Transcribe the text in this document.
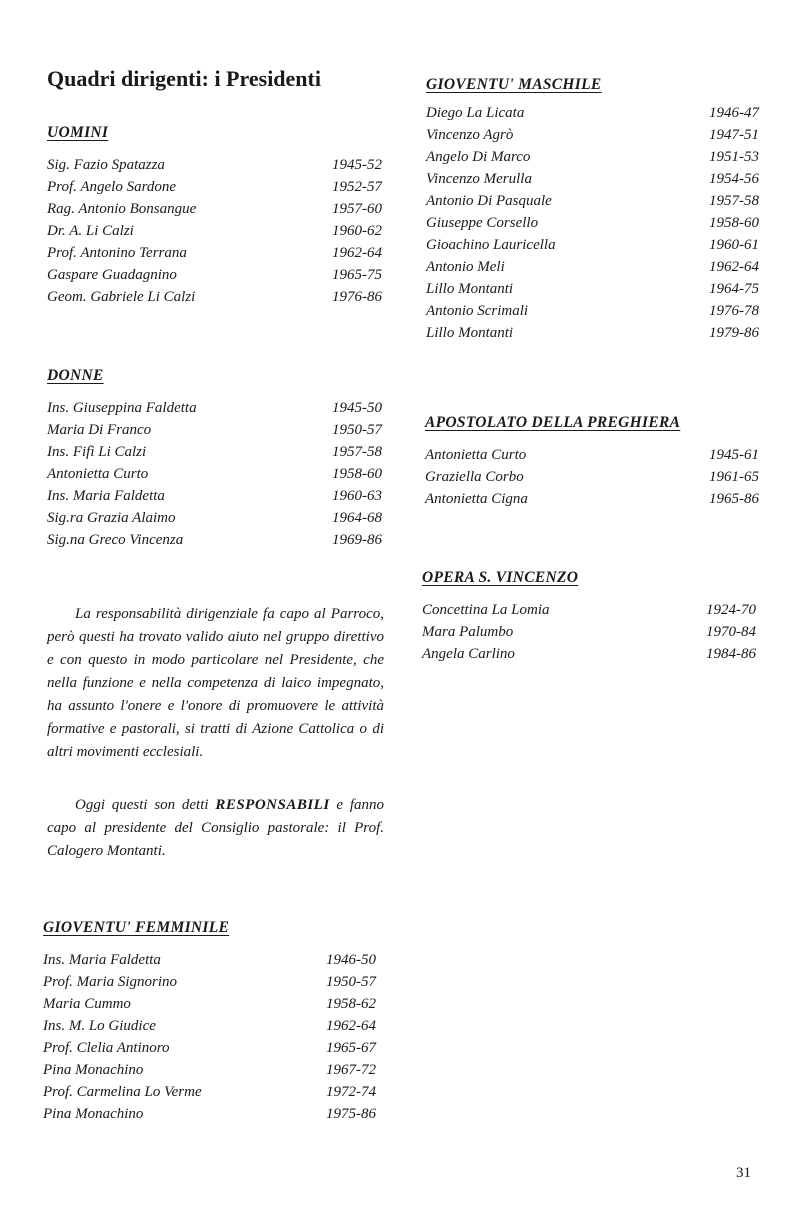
Quadri dirigenti: i Presidenti
UOMINI
Sig. Fazio Spatazza	1945-52
Prof. Angelo Sardone	1952-57
Rag. Antonio Bonsangue	1957-60
Dr. A. Li Calzi	1960-62
Prof. Antonino Terrana	1962-64
Gaspare Guadagnino	1965-75
Geom. Gabriele Li Calzi	1976-86
DONNE
Ins. Giuseppina Faldetta	1945-50
Maria Di Franco	1950-57
Ins. Fifì Li Calzi	1957-58
Antonietta Curto	1958-60
Ins. Maria Faldetta	1960-63
Sig.ra Grazia Alaimo	1964-68
Sig.na Greco Vincenza	1969-86

La responsabilità dirigenziale fa capo al Parroco, però questi ha trovato valido aiuto nel gruppo direttivo e con questo in modo particolare nel Presidente, che nella funzione e nella competenza di laico impegnato, ha assunto l'onere e l'onore di promuovere le attività formative e pastorali, si tratti di Azione Cattolica o di altri movimenti ecclesiali.

Oggi questi son detti RESPONSABILI e fanno capo al presidente del Consiglio pastorale: il Prof. Calogero Montanti.

GIOVENTU' FEMMINILE
Ins. Maria Faldetta	1946-50
Prof. Maria Signorino	1950-57
Maria Cummo	1958-62
Ins. M. Lo Giudice	1962-64
Prof. Clelia Antinoro	1965-67
Pina Monachino	1967-72
Prof. Carmelina Lo Verme	1972-74
Pina Monachino	1975-86
GIOVENTU' MASCHILE
Diego La Licata	1946-47
Vincenzo Agrò	1947-51
Angelo Di Marco	1951-53
Vincenzo Merulla	1954-56
Antonio Di Pasquale	1957-58
Giuseppe Corsello	1958-60
Gioachino Lauricella	1960-61
Antonio Meli	1962-64
Lillo Montanti	1964-75
Antonio Scrimali	1976-78
Lillo Montanti	1979-86
APOSTOLATO DELLA PREGHIERA
Antonietta Curto	1945-61
Graziella Corbo	1961-65
Antonietta Cigna	1965-86
OPERA S. VINCENZO
Concettina La Lomia	1924-70
Mara Palumbo	1970-84
Angela Carlino	1984-86
31
